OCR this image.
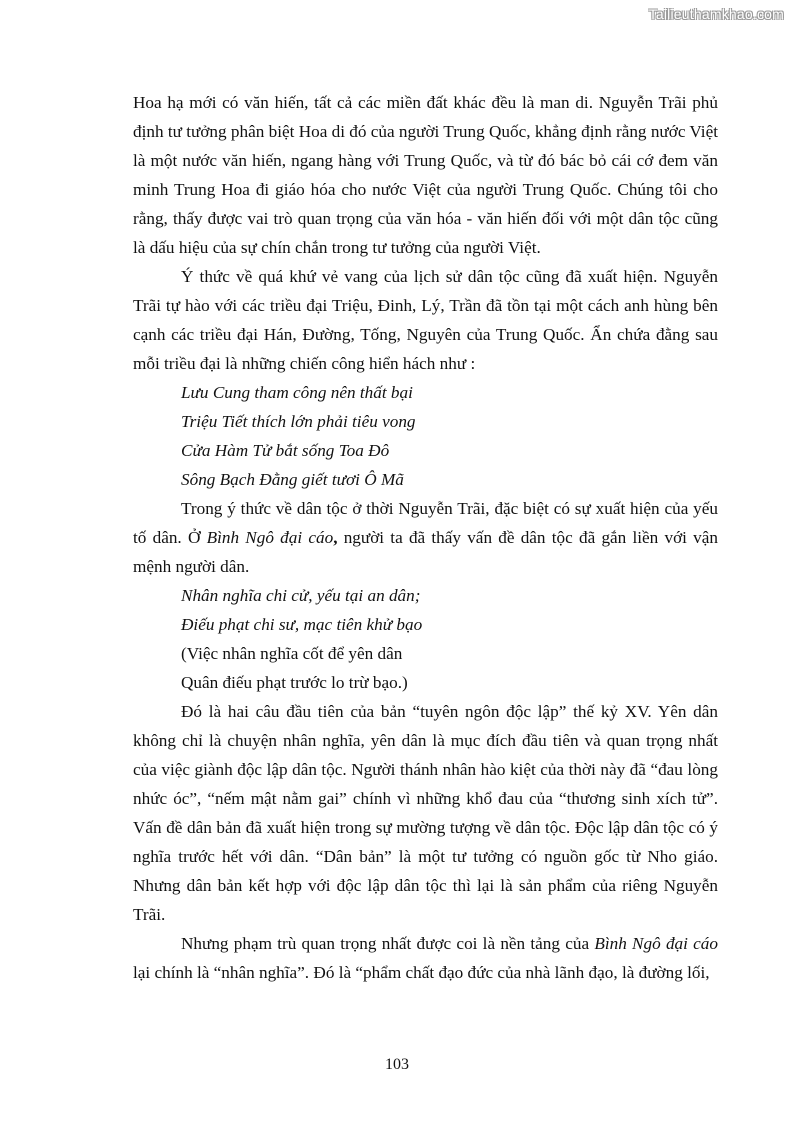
Tailieuthamkhao.com

Hoa hạ mới có văn hiến, tất cả các miền đất khác đều là man di. Nguyễn Trãi phủ định tư tưởng phân biệt Hoa di đó của người Trung Quốc, khẳng định rằng nước Việt là một nước văn hiến, ngang hàng với Trung Quốc, và từ đó bác bỏ cái cớ đem văn minh Trung Hoa đi giáo hóa cho nước Việt của người Trung Quốc. Chúng tôi cho rằng, thấy được vai trò quan trọng của văn hóa - văn hiến đối với một dân tộc cũng là dấu hiệu của sự chín chắn trong tư tưởng của người Việt.

Ý thức về quá khứ vẻ vang của lịch sử dân tộc cũng đã xuất hiện. Nguyễn Trãi tự hào với các triều đại Triệu, Đinh, Lý, Trần đã tồn tại một cách anh hùng bên cạnh các triều đại Hán, Đường, Tống, Nguyên của Trung Quốc. Ẩn chứa đằng sau mỗi triều đại là những chiến công hiển hách như :

Lưu Cung tham công nên thất bại

Triệu Tiết thích lớn phải tiêu vong

Cửa Hàm Tử bắt sống Toa Đô

Sông Bạch Đằng giết tươi Ô Mã

Trong ý thức về dân tộc ở thời Nguyễn Trãi, đặc biệt có sự xuất hiện của yếu tố dân. Ở Bình Ngô đại cáo, người ta đã thấy vấn đề dân tộc đã gắn liền với vận mệnh người dân.

Nhân nghĩa chi cử, yếu tại an dân;

Điếu phạt chi sư, mạc tiên khử bạo

(Việc nhân nghĩa cốt để yên dân

Quân điếu phạt trước lo trừ bạo.)

Đó là hai câu đầu tiên của bản “tuyên ngôn độc lập” thế kỷ XV. Yên dân không chỉ là chuyện nhân nghĩa, yên dân là mục đích đầu tiên và quan trọng nhất của việc giành độc lập dân tộc. Người thánh nhân hào kiệt của thời này đã “đau lòng nhức óc”, “nếm mật nằm gai” chính vì những khổ đau của “thương sinh xích tử”. Vấn đề dân bản đã xuất hiện trong sự mường tượng về dân tộc. Độc lập dân tộc có ý nghĩa trước hết với dân. “Dân bản” là một tư tưởng có nguồn gốc từ Nho giáo. Nhưng dân bản kết hợp với độc lập dân tộc thì lại là sản phẩm của riêng Nguyễn Trãi.

Nhưng phạm trù quan trọng nhất được coi là nền tảng của Bình Ngô đại cáo lại chính là “nhân nghĩa”. Đó là “phẩm chất đạo đức của nhà lãnh đạo, là đường lối,

103
